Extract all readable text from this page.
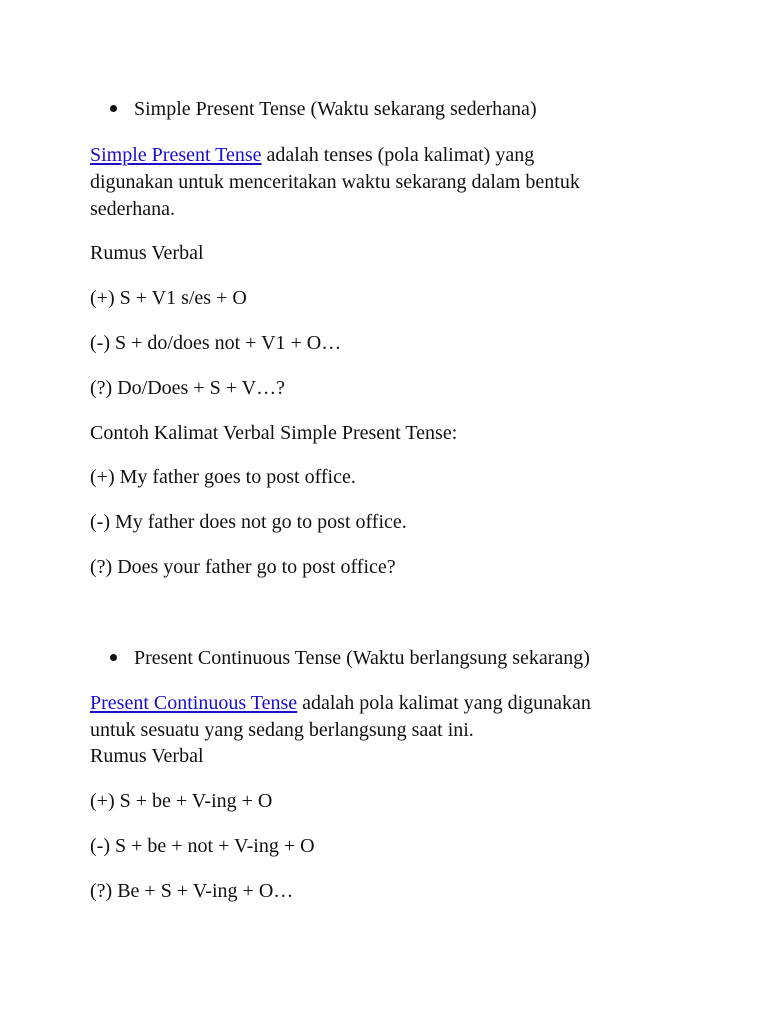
Simple Present Tense (Waktu sekarang sederhana)
Simple Present Tense adalah tenses (pola kalimat) yang
digunakan untuk menceritakan waktu sekarang dalam bentuk
sederhana.
Rumus Verbal
(+) S + V1 s/es + O
(-) S + do/does not + V1 + O…
(?) Do/Does + S + V…?
Contoh Kalimat Verbal Simple Present Tense:
(+) My father goes to post office.
(-) My father does not go to post office.
(?) Does your father go to post office?
Present Continuous Tense (Waktu berlangsung sekarang)
Present Continuous Tense adalah pola kalimat yang digunakan
untuk sesuatu yang sedang berlangsung saat ini.
Rumus Verbal
(+) S + be + V-ing + O
(-) S + be + not + V-ing + O
(?) Be + S + V-ing + O…
